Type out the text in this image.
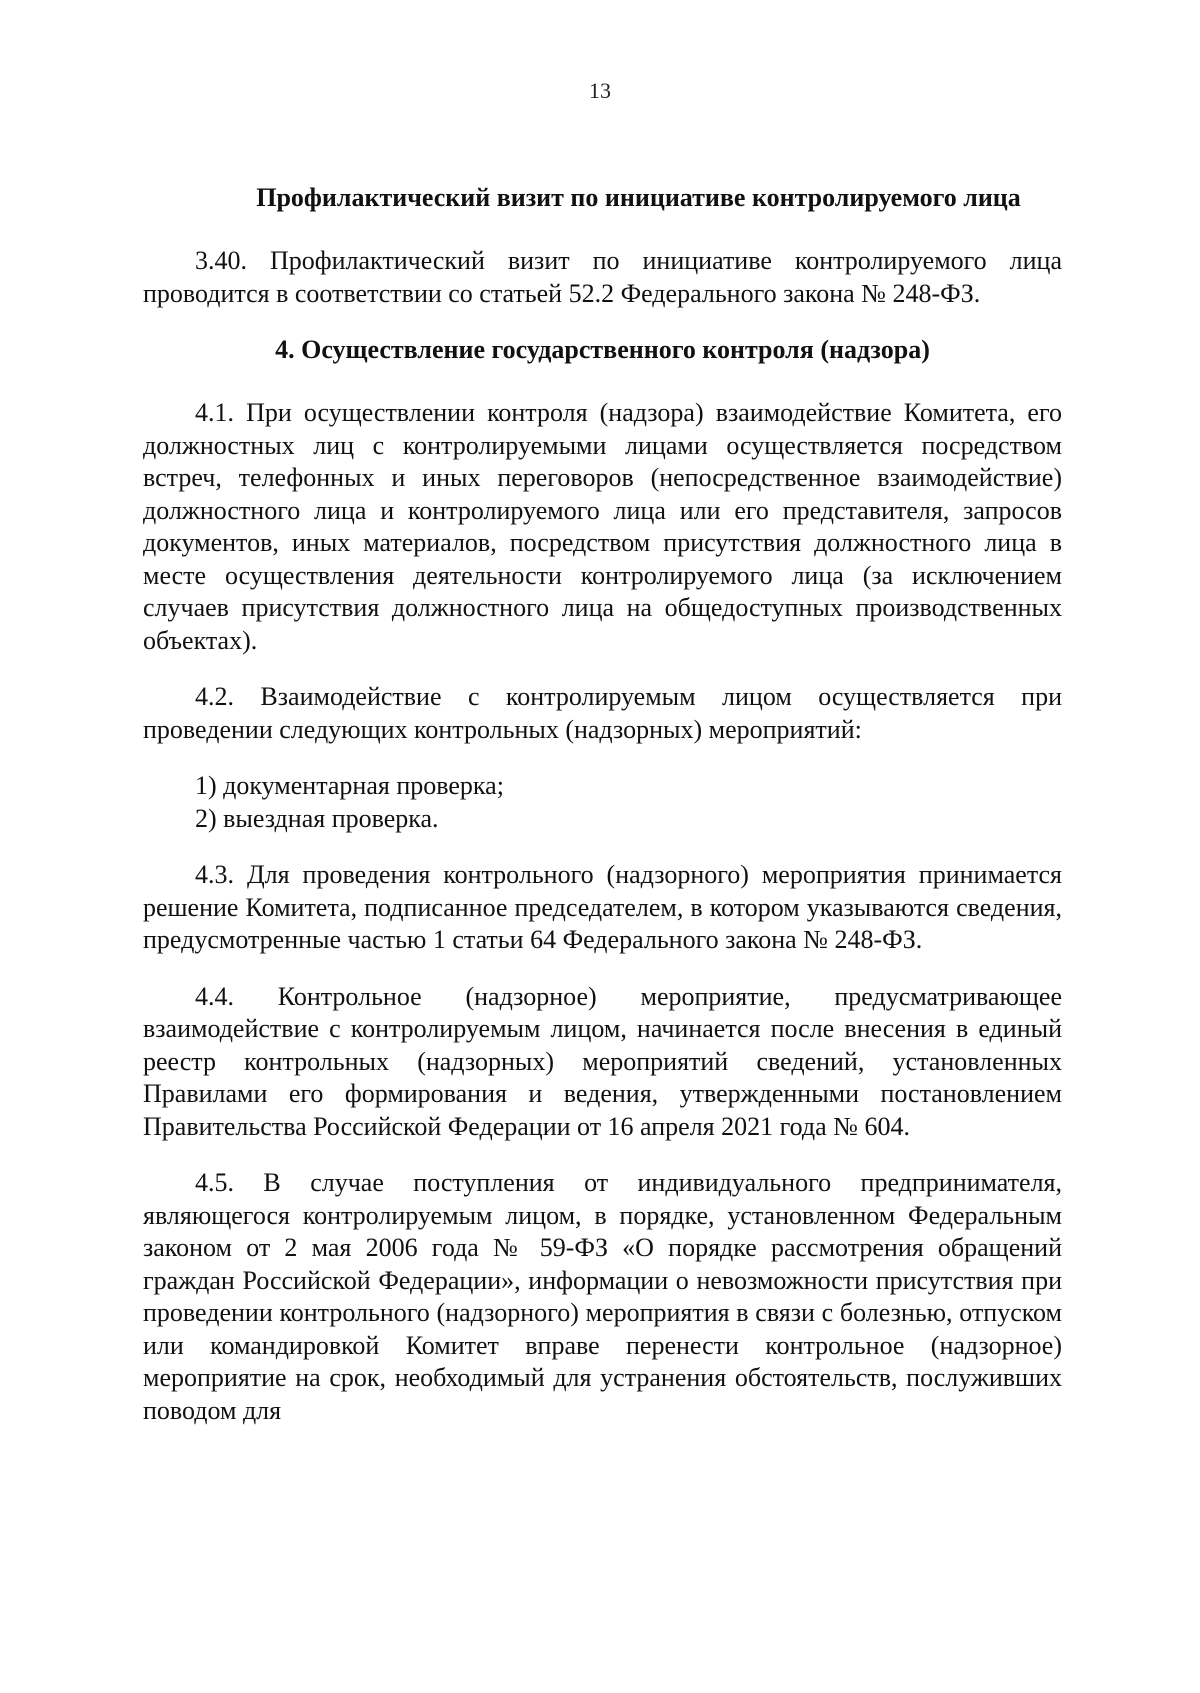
13
Профилактический визит по инициативе контролируемого лица

3.40. Профилактический визит по инициативе контролируемого лица проводится в соответствии со статьей 52.2 Федерального закона № 248-ФЗ.

4. Осуществление государственного контроля (надзора)

4.1. При осуществлении контроля (надзора) взаимодействие Комитета, его должностных лиц с контролируемыми лицами осуществляется посредством встреч, телефонных и иных переговоров (непосредственное взаимодействие) должностного лица и контролируемого лица или его представителя, запросов документов, иных материалов, посредством присутствия должностного лица в месте осуществления деятельности контролируемого лица (за исключением случаев присутствия должностного лица на общедоступных производственных объектах).

4.2. Взаимодействие с контролируемым лицом осуществляется при проведении следующих контрольных (надзорных) мероприятий:

1) документарная проверка;

2) выездная проверка.

4.3. Для проведения контрольного (надзорного) мероприятия принимается решение Комитета, подписанное председателем, в котором указываются сведения, предусмотренные частью 1 статьи 64 Федерального закона № 248-ФЗ.

4.4. Контрольное (надзорное) мероприятие, предусматривающее взаимодействие с контролируемым лицом, начинается после внесения в единый реестр контрольных (надзорных) мероприятий сведений, установленных Правилами его формирования и ведения, утвержденными постановлением Правительства Российской Федерации от 16 апреля 2021 года № 604.

4.5. В случае поступления от индивидуального предпринимателя, являющегося контролируемым лицом, в порядке, установленном Федеральным законом от 2 мая 2006 года № 59-ФЗ «О порядке рассмотрения обращений граждан Российской Федерации», информации о невозможности присутствия при проведении контрольного (надзорного) мероприятия в связи с болезнью, отпуском или командировкой Комитет вправе перенести контрольное (надзорное) мероприятие на срок, необходимый для устранения обстоятельств, послуживших поводом для
